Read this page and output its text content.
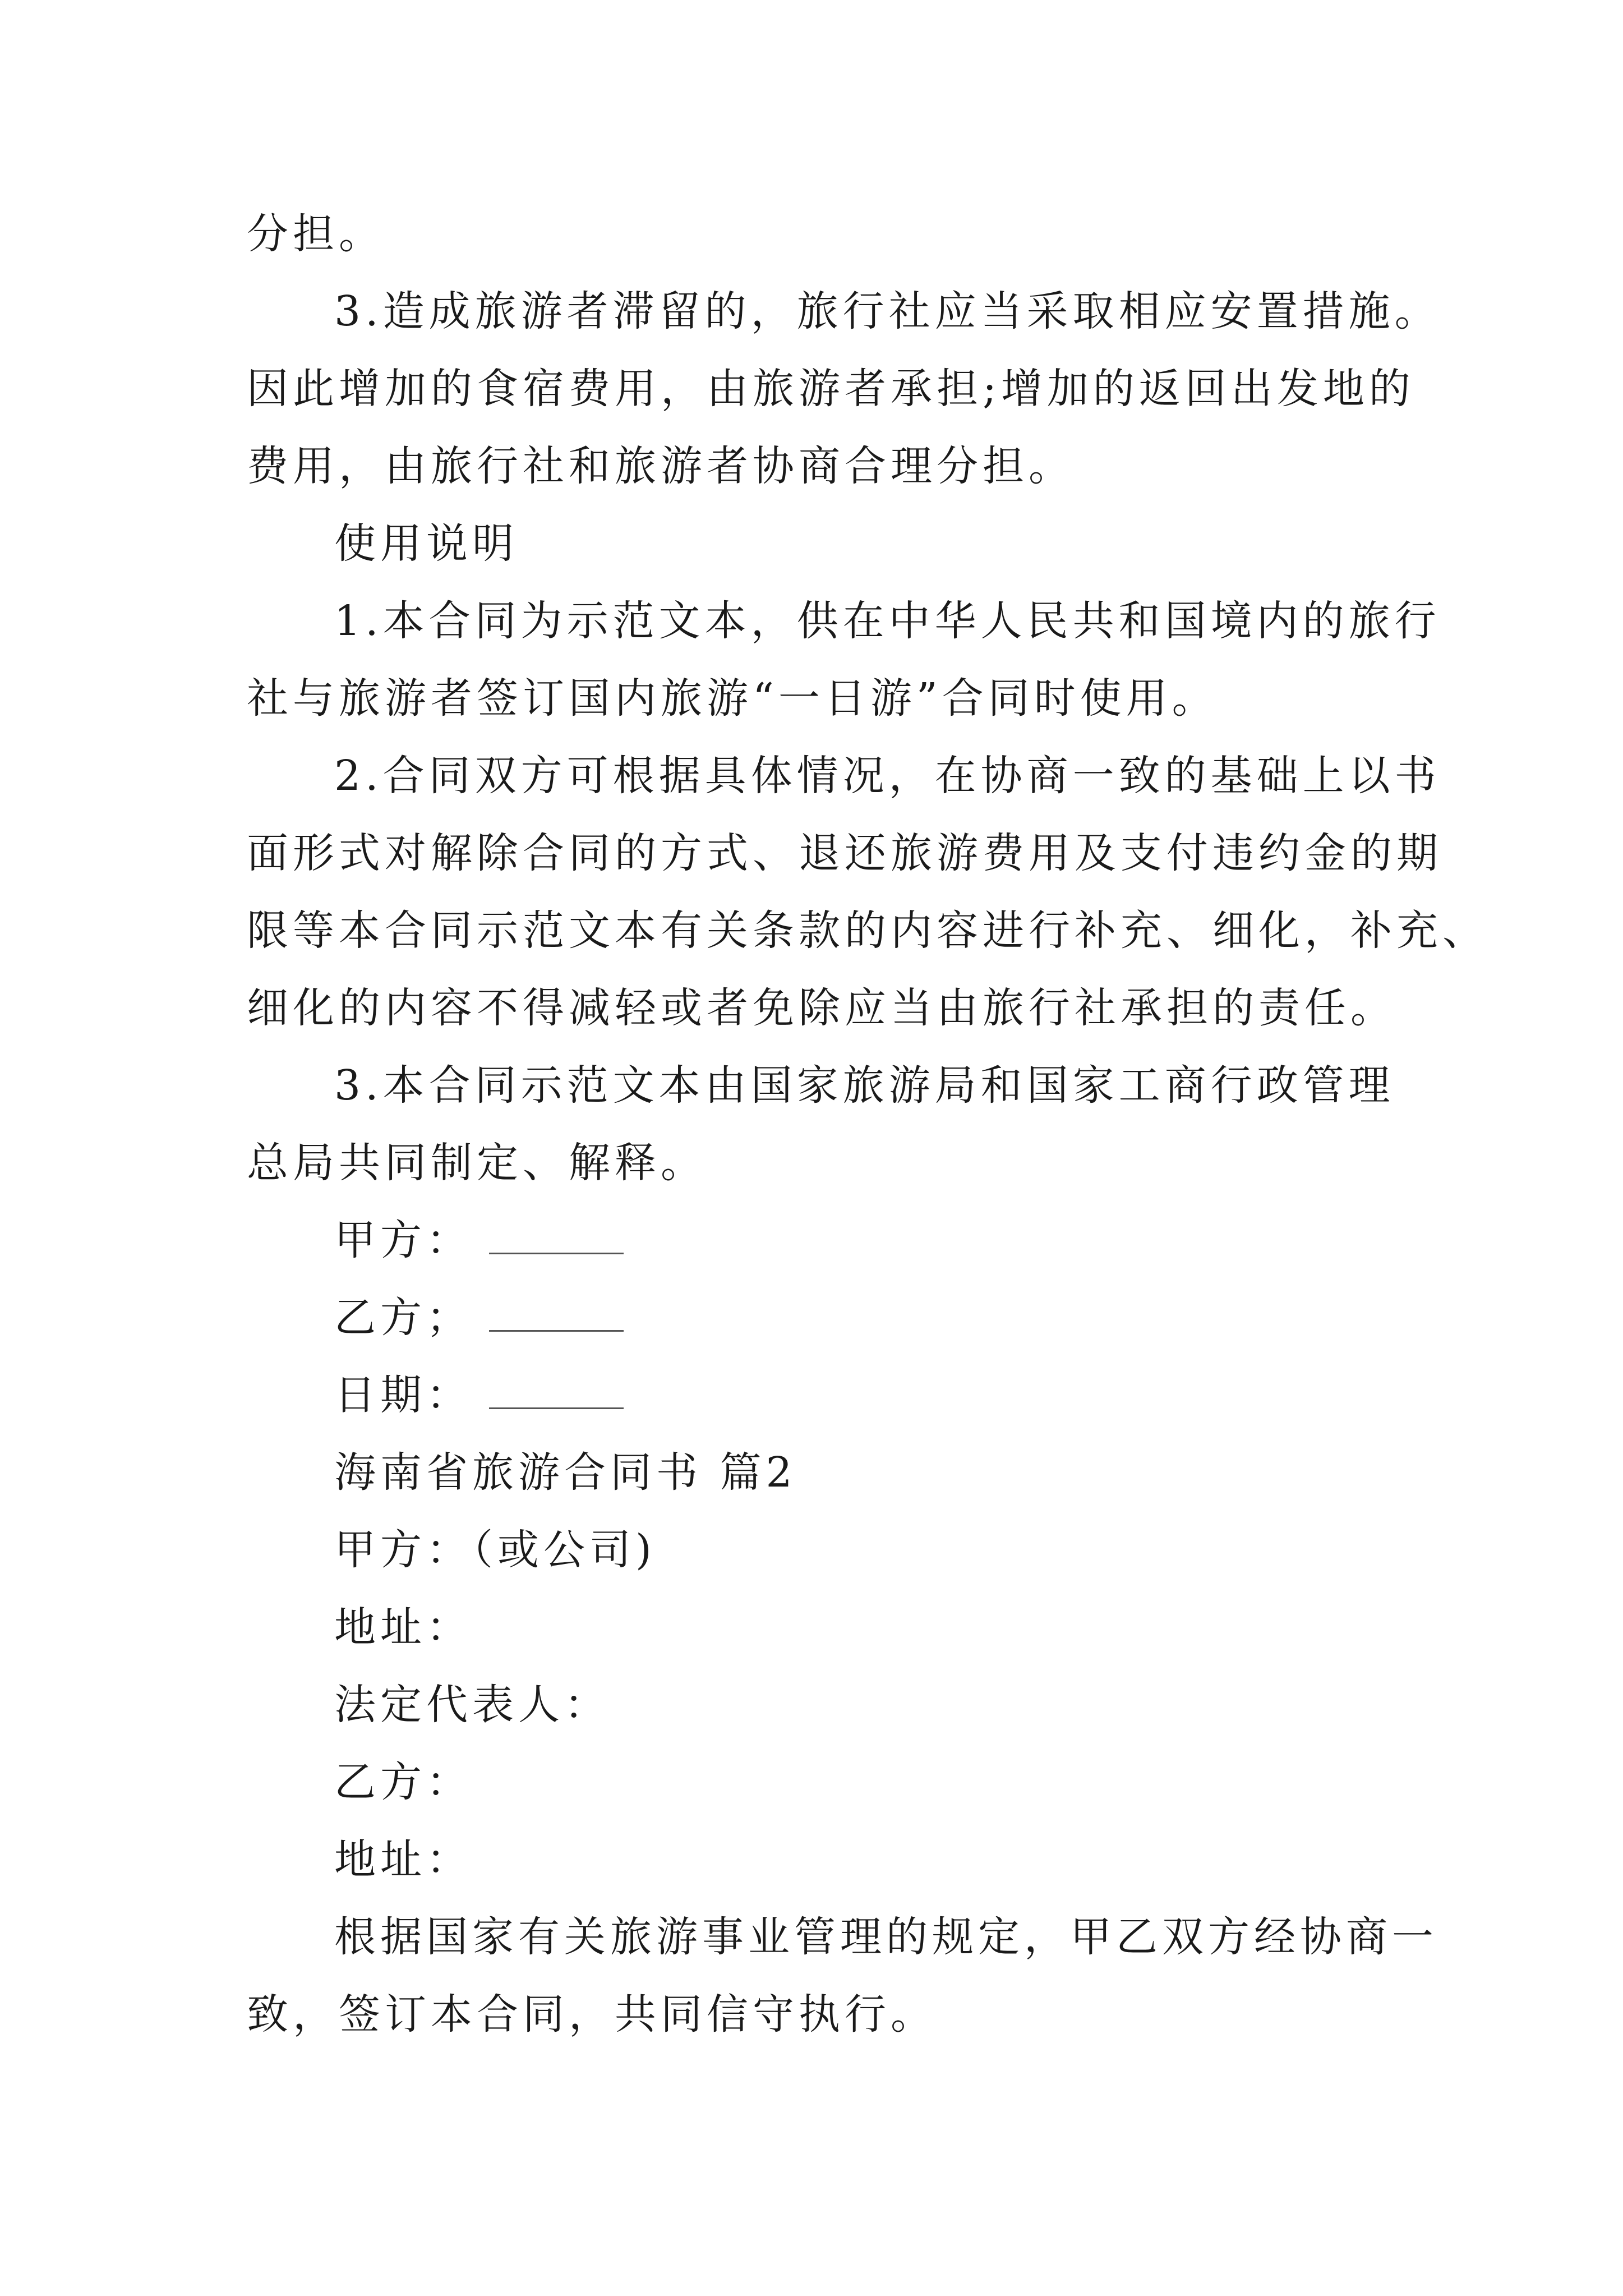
分担。
3.造成旅游者滞留的，旅行社应当采取相应安置措施。
因此增加的食宿费用，由旅游者承担;增加的返回出发地的
费用，由旅行社和旅游者协商合理分担。
使用说明
1.本合同为示范文本，供在中华人民共和国境内的旅行
社与旅游者签订国内旅游“一日游”合同时使用。
2.合同双方可根据具体情况，在协商一致的基础上以书
面形式对解除合同的方式、退还旅游费用及支付违约金的期
限等本合同示范文本有关条款的内容进行补充、细化，补充、
细化的内容不得减轻或者免除应当由旅行社承担的责任。
3.本合同示范文本由国家旅游局和国家工商行政管理
总局共同制定、解释。
甲方：
乙方；
日期：
海南省旅游合同书 篇2
甲方：（或公司)
地址：
法定代表人：
乙方：
地址：
根据国家有关旅游事业管理的规定，甲乙双方经协商一
致，签订本合同，共同信守执行。
